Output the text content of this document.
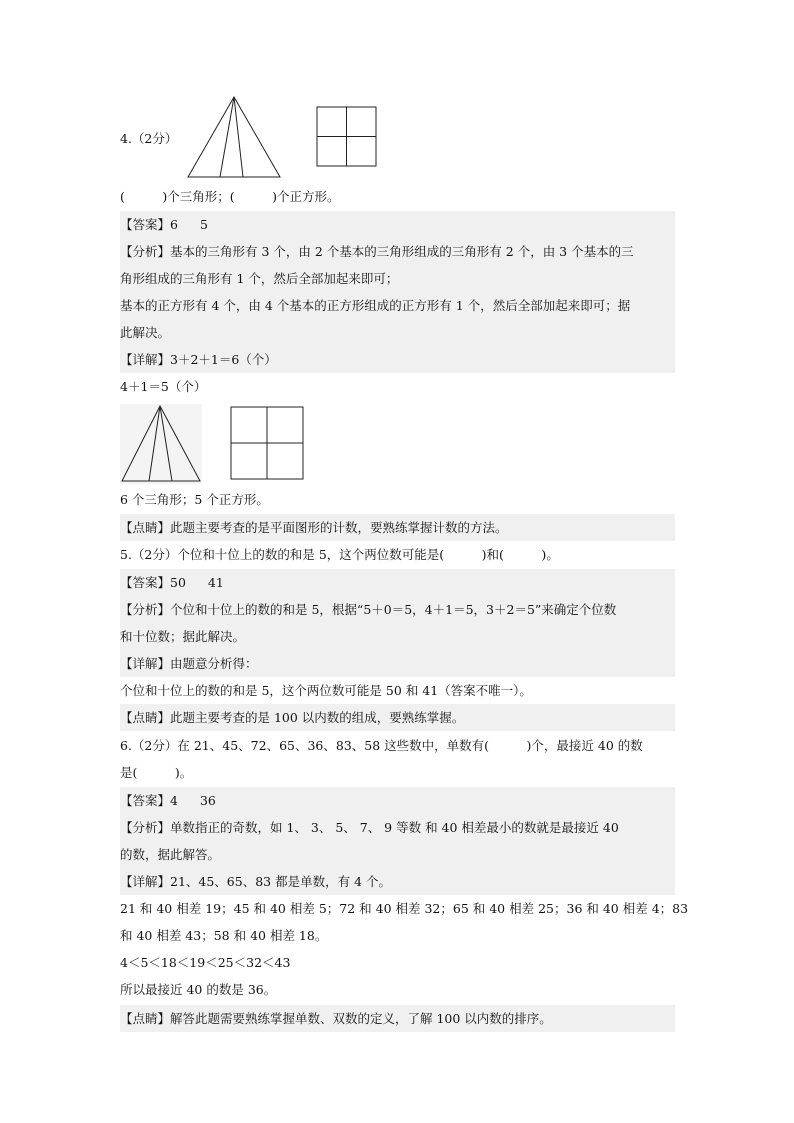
4.（2分）
(　　　)个三角形；(　　　)个正方形。
【答案】6 5
【分析】基本的三角形有 3 个，由 2 个基本的三角形组成的三角形有 2 个，由 3 个基本的三
角形组成的三角形有 1 个，然后全部加起来即可；
基本的正方形有 4 个，由 4 个基本的正方形组成的正方形有 1 个，然后全部加起来即可；据
此解决。
【详解】3＋2＋1＝6（个）
4＋1＝5（个）
6 个三角形；5 个正方形。
【点睛】此题主要考查的是平面图形的计数，要熟练掌握计数的方法。
5.（2分）个位和十位上的数的和是 5，这个两位数可能是(　　　)和(　　　)。
【答案】50 41
【分析】个位和十位上的数的和是 5，根据“5＋0＝5，4＋1＝5，3＋2＝5”来确定个位数
和十位数；据此解决。
【详解】由题意分析得：
个位和十位上的数的和是 5，这个两位数可能是 50 和 41（答案不唯一）。
【点睛】此题主要考查的是 100 以内数的组成，要熟练掌握。
6.（2分）在 21、45、72、65、36、83、58 这些数中，单数有(　　　)个，最接近 40 的数
是(　　　)。
【答案】4 36
【分析】单数指正的奇数，如 1、 3、 5、 7、 9 等数 和 40 相差最小的数就是最接近 40
的数，据此解答。
【详解】21、45、65、83 都是单数，有 4 个。
21 和 40 相差 19；45 和 40 相差 5；72 和 40 相差 32；65 和 40 相差 25；36 和 40 相差 4；83
和 40 相差 43；58 和 40 相差 18。
4＜5＜18＜19＜25＜32＜43
所以最接近 40 的数是 36。
【点睛】解答此题需要熟练掌握单数、双数的定义，了解 100 以内数的排序。
